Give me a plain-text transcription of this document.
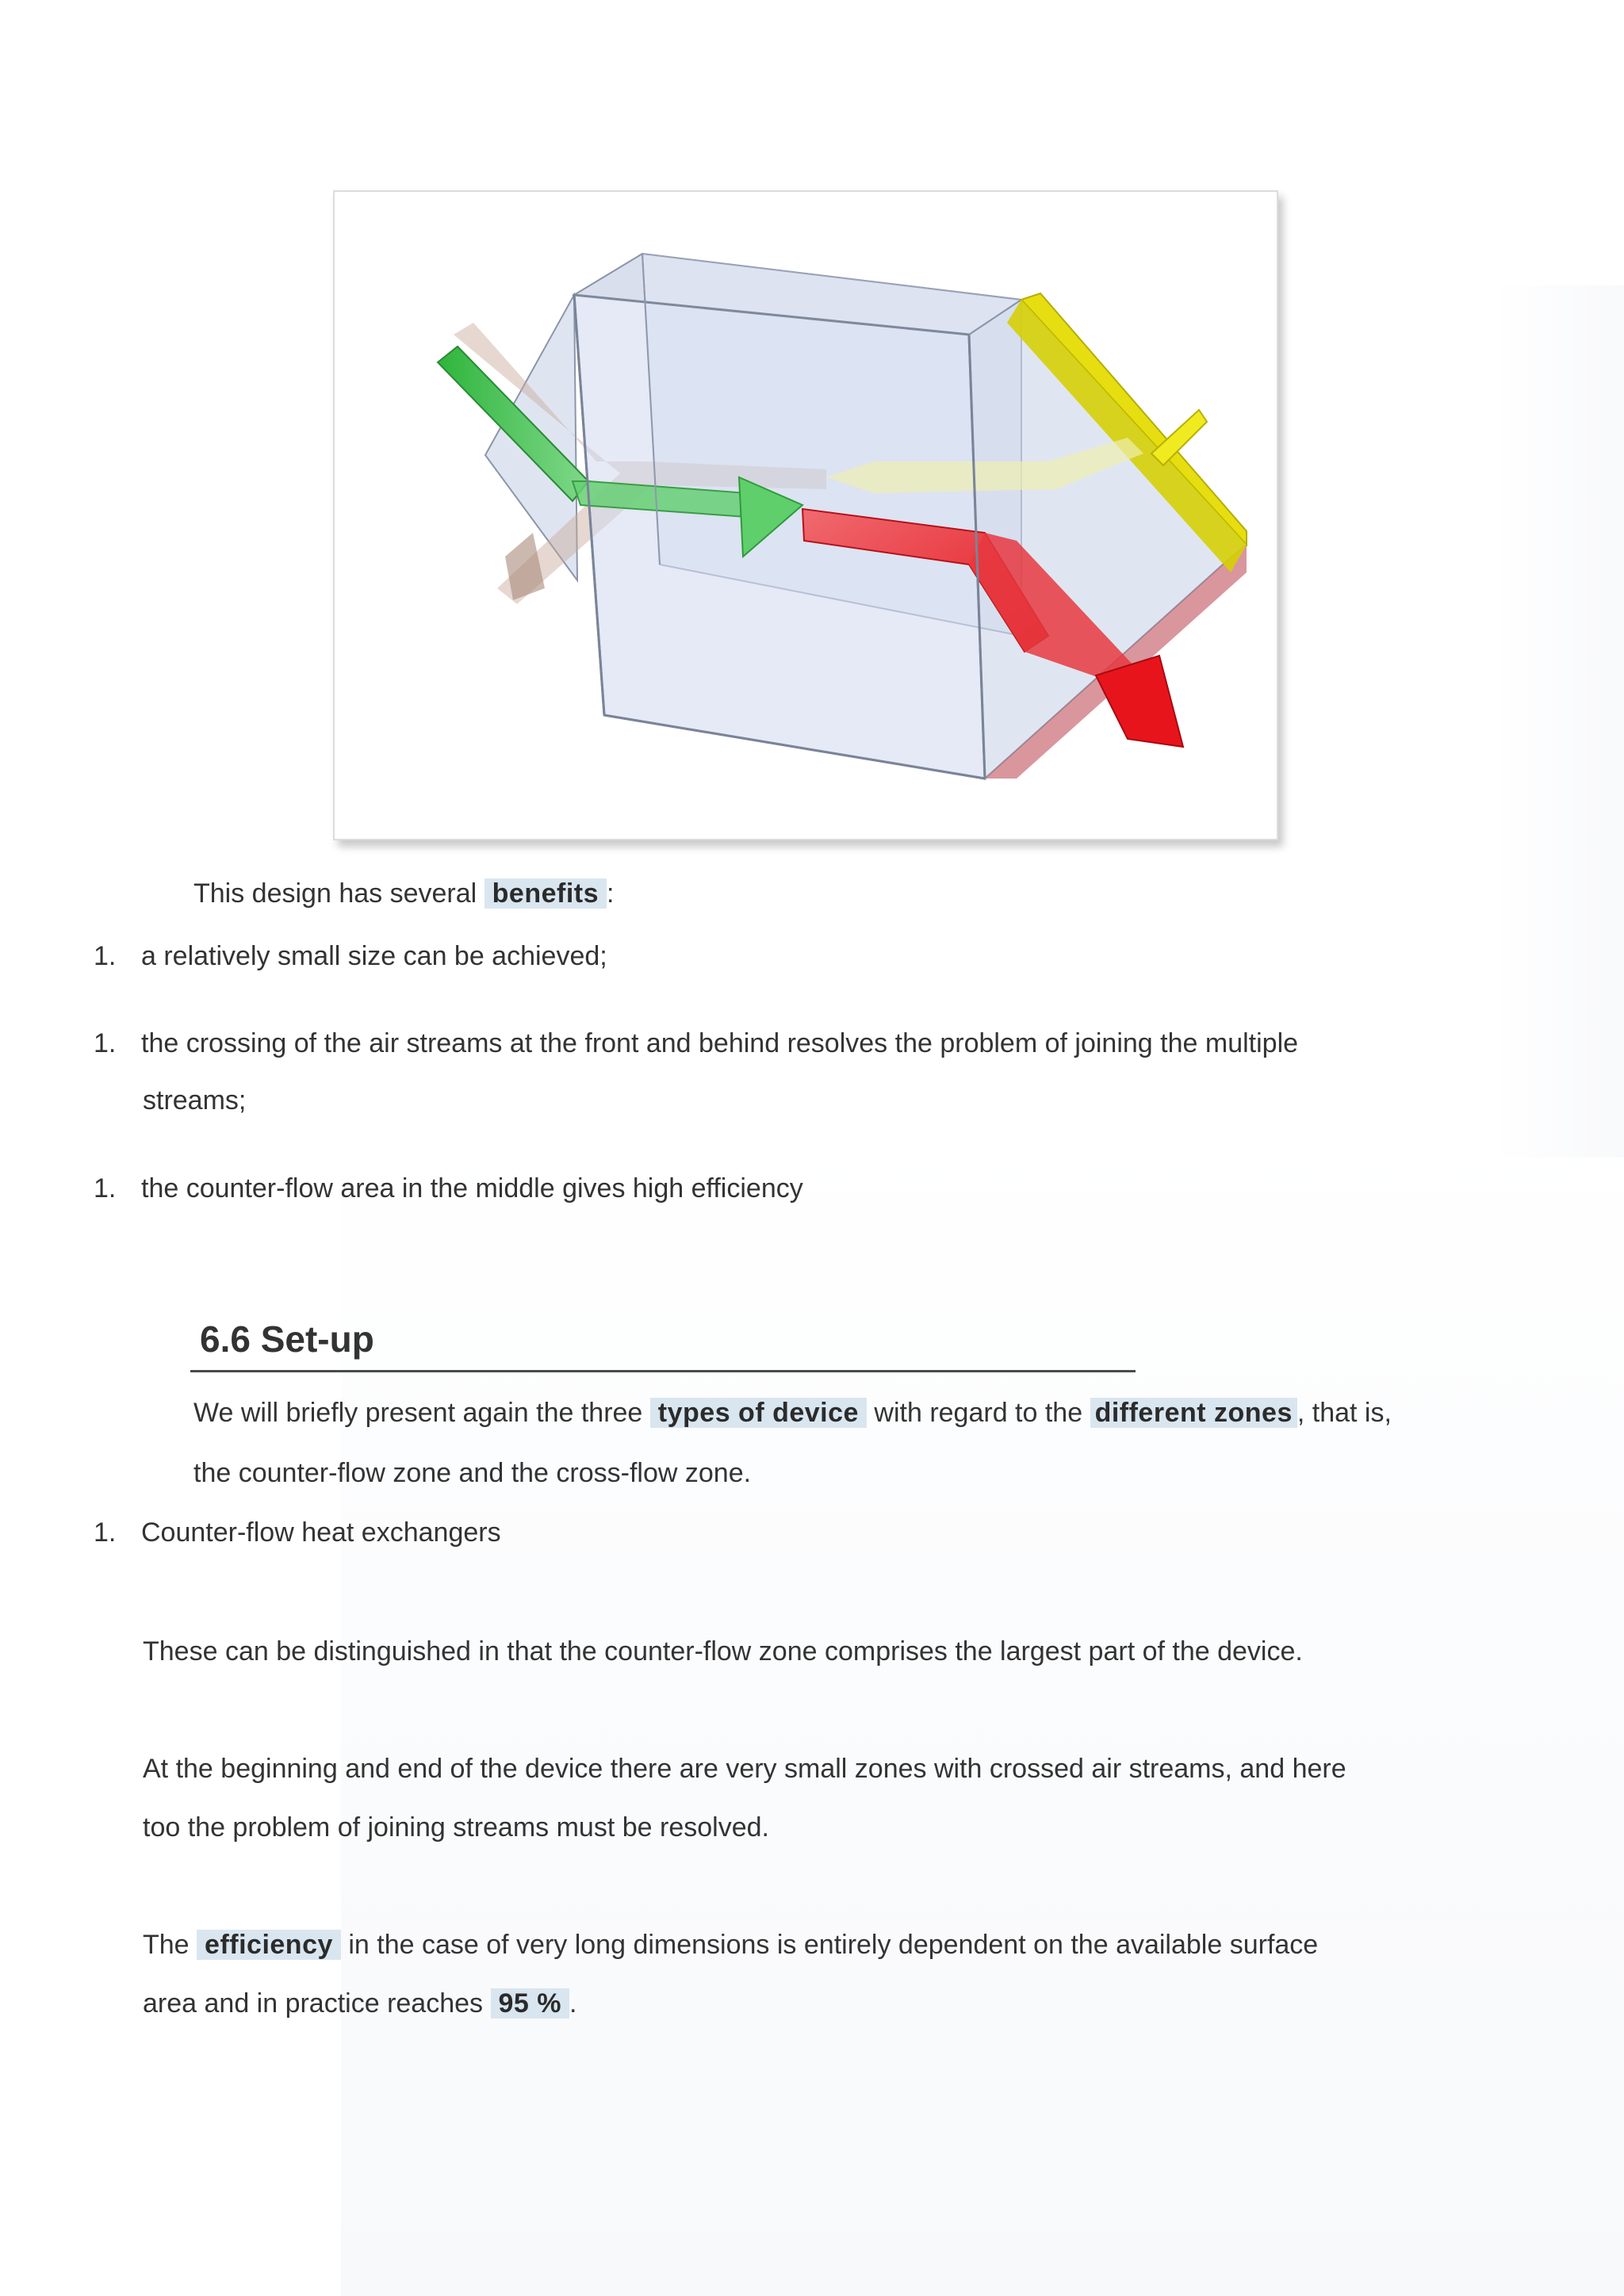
This design has several benefits :
1. a relatively small size can be achieved;
1. the crossing of the air streams at the front and behind resolves the problem of joining the multiple
streams;
1. the counter-flow area in the middle gives high efficiency
6.6 Set-up
We will briefly present again the three types of device with regard to the different zones , that is,
the counter-flow zone and the cross-flow zone.
1. Counter-flow heat exchangers
These can be distinguished in that the counter-flow zone comprises the largest part of the device.
At the beginning and end of the device there are very small zones with crossed air streams, and here
too the problem of joining streams must be resolved.
The efficiency in the case of very long dimensions is entirely dependent on the available surface
area and in practice reaches 95 % .
